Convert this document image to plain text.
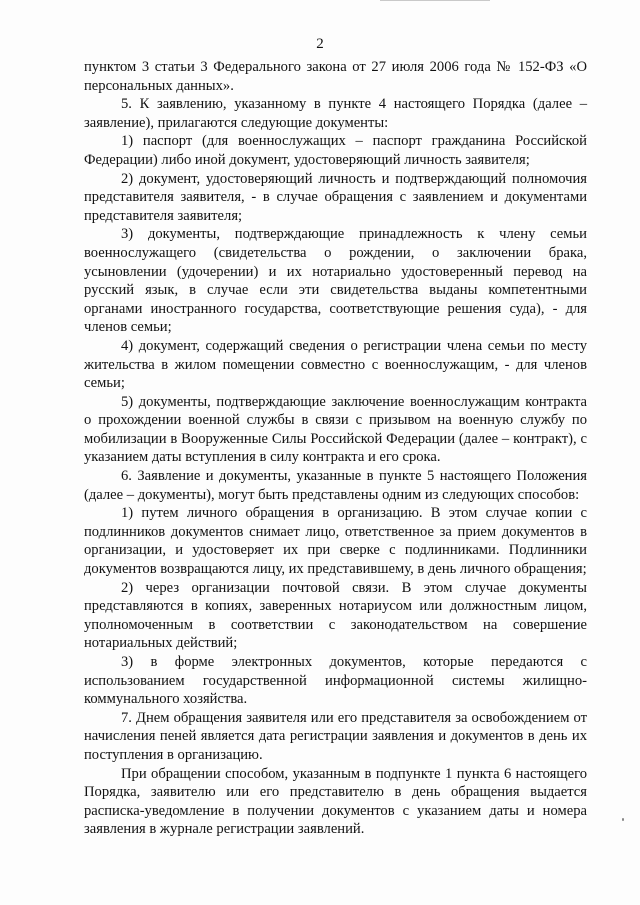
2

пунктом 3 статьи 3 Федерального закона от 27 июля 2006 года № 152-ФЗ «О персональных данных».

5. К заявлению, указанному в пункте 4 настоящего Порядка (далее – заявление), прилагаются следующие документы:

1) паспорт (для военнослужащих – паспорт гражданина Российской Федерации) либо иной документ, удостоверяющий личность заявителя;

2) документ, удостоверяющий личность и подтверждающий полномочия представителя заявителя, - в случае обращения с заявлением и документами представителя заявителя;

3) документы, подтверждающие принадлежность к члену семьи военнослужащего (свидетельства о рождении, о заключении брака, усыновлении (удочерении) и их нотариально удостоверенный перевод на русский язык, в случае если эти свидетельства выданы компетентными органами иностранного государства, соответствующие решения суда), - для членов семьи;

4) документ, содержащий сведения о регистрации члена семьи по месту жительства в жилом помещении совместно с военнослужащим, - для членов семьи;

5) документы, подтверждающие заключение военнослужащим контракта о прохождении военной службы в связи с призывом на военную службу по мобилизации в Вооруженные Силы Российской Федерации (далее – контракт), с указанием даты вступления в силу контракта и его срока.

6. Заявление и документы, указанные в пункте 5 настоящего Положения (далее – документы), могут быть представлены одним из следующих способов:

1) путем личного обращения в организацию. В этом случае копии с подлинников документов снимает лицо, ответственное за прием документов в организации, и удостоверяет их при сверке с подлинниками. Подлинники документов возвращаются лицу, их представившему, в день личного обращения;

2) через организации почтовой связи. В этом случае документы представляются в копиях, заверенных нотариусом или должностным лицом, уполномоченным в соответствии с законодательством на совершение нотариальных действий;

3) в форме электронных документов, которые передаются с использованием государственной информационной системы жилищно-коммунального хозяйства.

7. Днем обращения заявителя или его представителя за освобождением от начисления пеней является дата регистрации заявления и документов в день их поступления в организацию.

При обращении способом, указанным в подпункте 1 пункта 6 настоящего Порядка, заявителю или его представителю в день обращения выдается расписка-уведомление в получении документов с указанием даты и номера заявления в журнале регистрации заявлений.
